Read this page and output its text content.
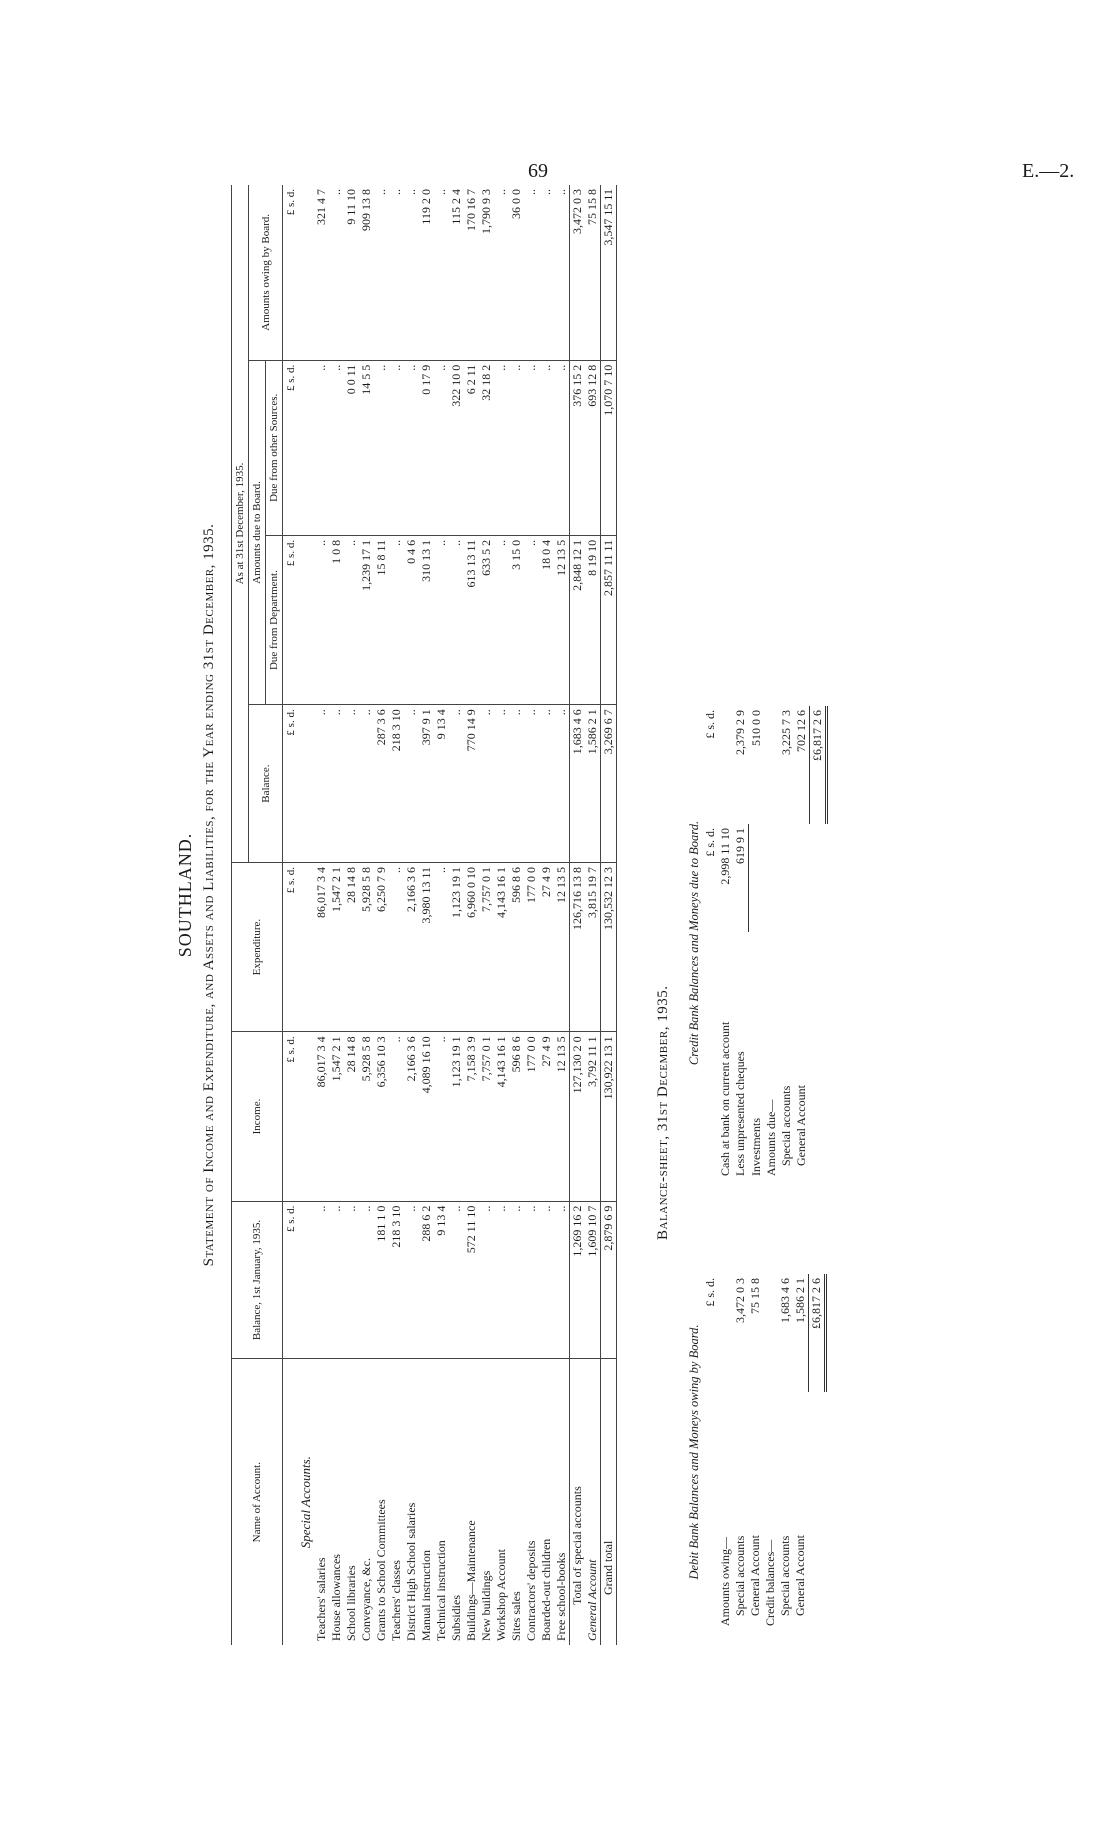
69	E.—2.
SOUTHLAND. Statement of Income and Expenditure, and Assets and Liabilities, for the Year ending 31st December, 1935.
Name of Account.	Balance, 1st January, 1935.	Income.	Expenditure.	As at 31st December, 1935.			
				Balance.	Amounts due to Board.		Amounts owing by Board.
					Due from Department.	Due from other Sources.	
	£ s. d.	£ s. d.	£ s. d.	£ s. d.	£ s. d.	£ s. d.	£ s. d.
Special Accounts.							
Teachers' salaries	..	86,017 3 4	86,017 3 4	..	..	..	321 4 7
House allowances	..	1,547 2 1	1,547 2 1	..	1 0 8	..	..
School libraries	..	28 14 8	28 14 8	..	..	0 0 11	9 11 10
Conveyance, &c.	..	5,928 5 8	5,928 5 8	..	1,239 17 1	14 5 5	909 13 8
Grants to School Committees	181 1 0	6,356 10 3	6,250 7 9	287 3 6	15 8 11	..	..
Teachers' classes	218 3 10	..	..	218 3 10	..	..	..
District High School salaries	..	2,166 3 6	2,166 3 6	..	0 4 6	..	..
Manual instruction	288 6 2	4,089 16 10	3,980 13 11	397 9 1	310 13 1	0 17 9	119 2 0
Technical instruction	9 13 4	..	..	9 13 4	..	..	..
Subsidies	..	1,123 19 1	1,123 19 1	..	..	322 10 0	115 2 4
Buildings—Maintenance	572 11 10	7,158 3 9	6,960 0 10	770 14 9	613 13 11	6 2 11	170 16 7
New buildings	..	7,757 0 1	7,757 0 1	..	633 5 2	32 18 2	1,790 9 3
Workshop Account	..	4,143 16 1	4,143 16 1	..	..	..	..
Sites sales	..	596 8 6	596 8 6	..	3 15 0	..	36 0 0
Contractors' deposits	..	177 0 0	177 0 0	..	..	..	..
Boarded-out children	..	27 4 9	27 4 9	..	18 0 4	..	..
Free school-books	..	12 13 5	12 13 5	..	12 13 5	..	..
Total of special accounts	1,269 16 2	127,130 2 0	126,716 13 8	1,683 4 6	2,848 12 1	376 15 2	3,472 0 3
General Account	1,609 10 7	3,792 11 1	3,815 19 7	1,586 2 1	8 19 10	693 12 8	75 15 8
Grand total	2,879 6 9	130,922 13 1	130,532 12 3	3,269 6 7	2,857 11 11	1,070 7 10	3,547 15 11
Balance-sheet, 31st December, 1935.
Debit Bank Balances and Moneys owing by Board.	
	£ s. d.
Amounts owing—	
Special accounts	3,472 0 3
General Account	75 15 8
Credit balances—	
Special accounts	1,683 4 6
General Account	1,586 2 1
	£6,817 2 6
Credit Bank Balances and Moneys due to Board.		
	£ s. d.	£ s. d.
Cash at bank on current account	2,998 11 10	
Less unpresented cheques	619 9 1	2,379 2 9
Investments		510 0 0
Amounts due—		
Special accounts		3,225 7 3
General Account		702 12 6
		£6,817 2 6
